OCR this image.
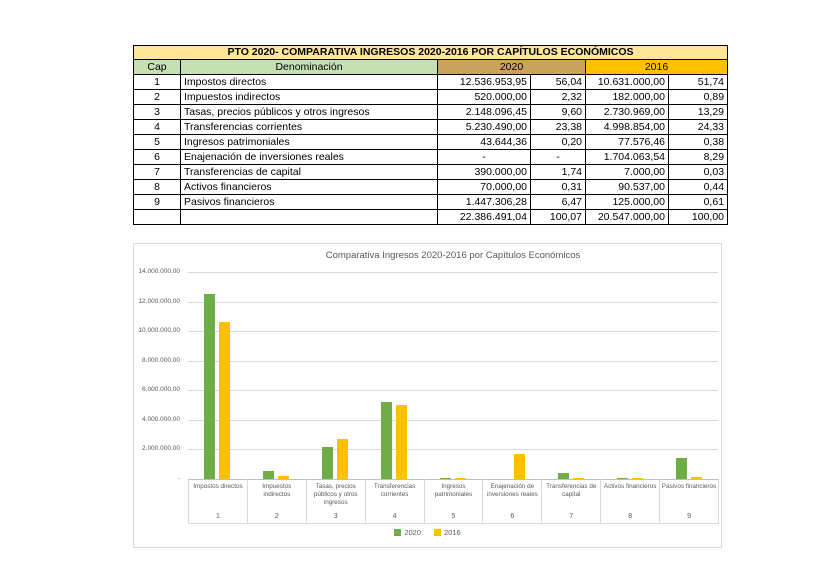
PTO 2020- COMPARATIVA INGRESOS 2020-2016 POR CAPÍTULOS ECONÓMICOS					
Cap	Denominación	2020		2016	
1	Impostos directos	12.536.953,95	56,04	10.631.000,00	51,74
2	Impuestos indirectos	520.000,00	2,32	182.000,00	0,89
3	Tasas, precios públicos y otros ingresos	2.148.096,45	9,60	2.730.969,00	13,29
4	Transferencias corrientes	5.230.490,00	23,38	4.998.854,00	24,33
5	Ingresos patrimoniales	43.644,36	0,20	77.576,46	0,38
6	Enajenación de inversiones reales	-	-	1.704.063,54	8,29
7	Transferencias de capital	390.000,00	1,74	7.000,00	0,03
8	Activos financieros	70.000,00	0,31	90.537,00	0,44
9	Pasivos financieros	1.447.306,28	6,47	125.000,00	0,61
		22.386.491,04	100,07	20.547.000,00	100,00
Comparativa Ingresos 2020-2016 por Capítulos Económicos
14.000.000,00
12.000.000,00
10.000.000,00
8.000.000,00
6.000.000,00
4.000.000,00
2.000.000,00
-
Impostos directos
1
Impuestos indirectos
2
Tasas, precios públicos y otros ingresos
3
Transferencias corrientes
4
Ingresos patrimoniales
5
Enajenación de inversiones reales
6
Transferencias de capital
7
Activos financieros
8
Pasivos financieros
9
2020	2016
